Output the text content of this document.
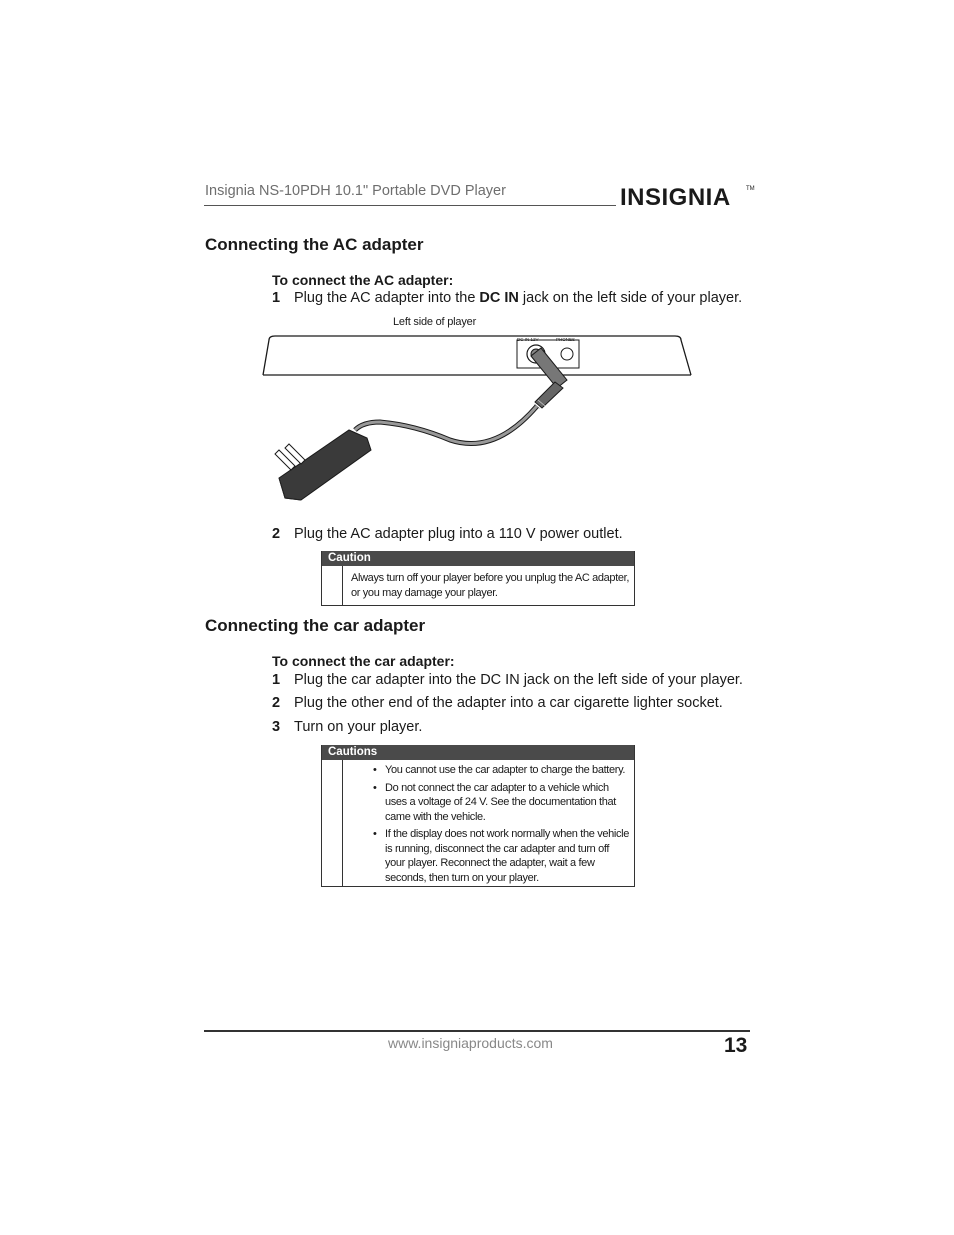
Insignia NS-10PDH 10.1" Portable DVD Player	INSIGNIA	TM
Connecting the AC adapter
To connect the AC adapter:
1 Plug the AC adapter into the DC IN jack on the left side of your player.
Left side of player
DC IN 12V	PHONES
2 Plug the AC adapter plug into a 110 V power outlet.
Caution
Always turn off your player before you unplug the AC adapter, or you may damage your player.
Connecting the car adapter
To connect the car adapter:
1 Plug the car adapter into the DC IN jack on the left side of your player.
2 Plug the other end of the adapter into a car cigarette lighter socket.
3 Turn on your player.
Cautions
• You cannot use the car adapter to charge the battery.
• Do not connect the car adapter to a vehicle which uses a voltage of 24 V. See the documentation that came with the vehicle.
• If the display does not work normally when the vehicle is running, disconnect the car adapter and turn off your player. Reconnect the adapter, wait a few seconds, then turn on your player.
www.insigniaproducts.com	13
